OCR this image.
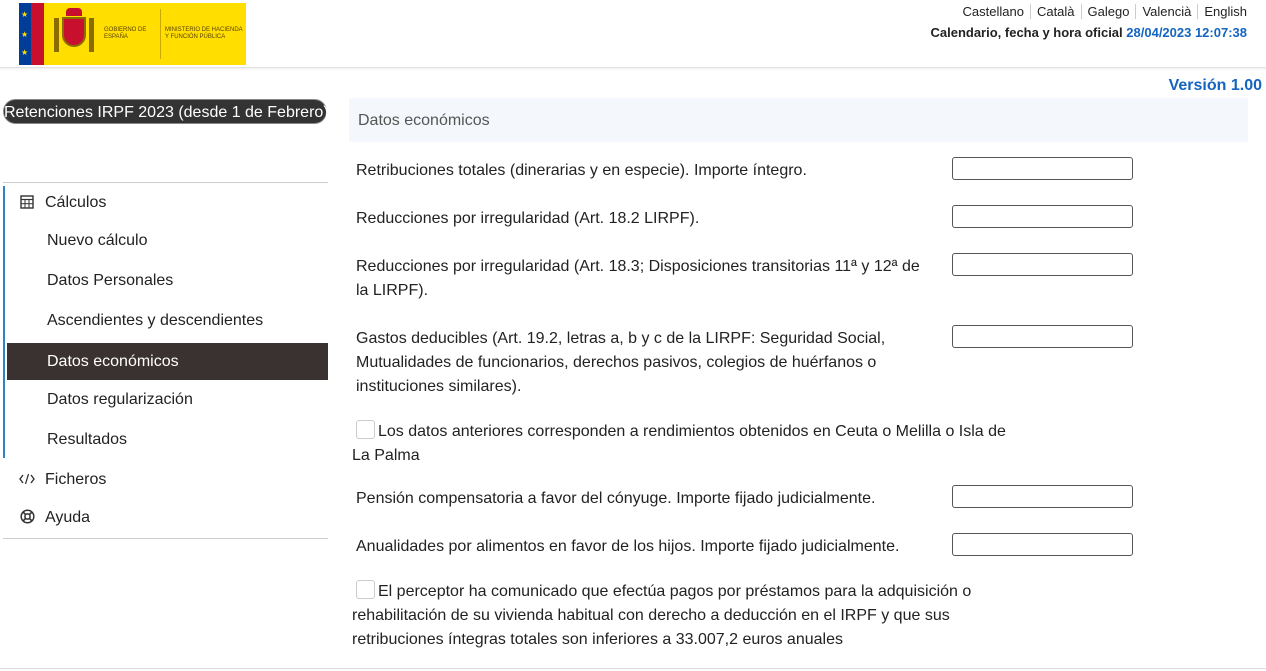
★
★
★
GOBIERNO DE ESPAÑA
MINISTERIO DE HACIENDA Y FUNCIÓN PÚBLICA
Castellano	Català	Galego	Valencià	English
Calendario, fecha y hora oficial 28/04/2023 12:07:38
Versión 1.00
Retenciones IRPF 2023 (desde 1 de Febrero)
Cálculos
Nuevo cálculo
Datos Personales
Ascendientes y descendientes
Datos económicos
Datos regularización
Resultados
Ficheros
Ayuda
Datos económicos
Retribuciones totales (dinerarias y en especie). Importe íntegro.
Reducciones por irregularidad (Art. 18.2 LIRPF).
Reducciones por irregularidad (Art. 18.3; Disposiciones transitorias 11ª y 12ª de la LIRPF).
Gastos deducibles (Art. 19.2, letras a, b y c de la LIRPF: Seguridad Social, Mutualidades de funcionarios, derechos pasivos, colegios de huérfanos o instituciones similares).
Los datos anteriores corresponden a rendimientos obtenidos en Ceuta o Melilla o Isla de La Palma
Pensión compensatoria a favor del cónyuge. Importe fijado judicialmente.
Anualidades por alimentos en favor de los hijos. Importe fijado judicialmente.
El perceptor ha comunicado que efectúa pagos por préstamos para la adquisición o rehabilitación de su vivienda habitual con derecho a deducción en el IRPF y que sus retribuciones íntegras totales son inferiores a 33.007,2 euros anuales
